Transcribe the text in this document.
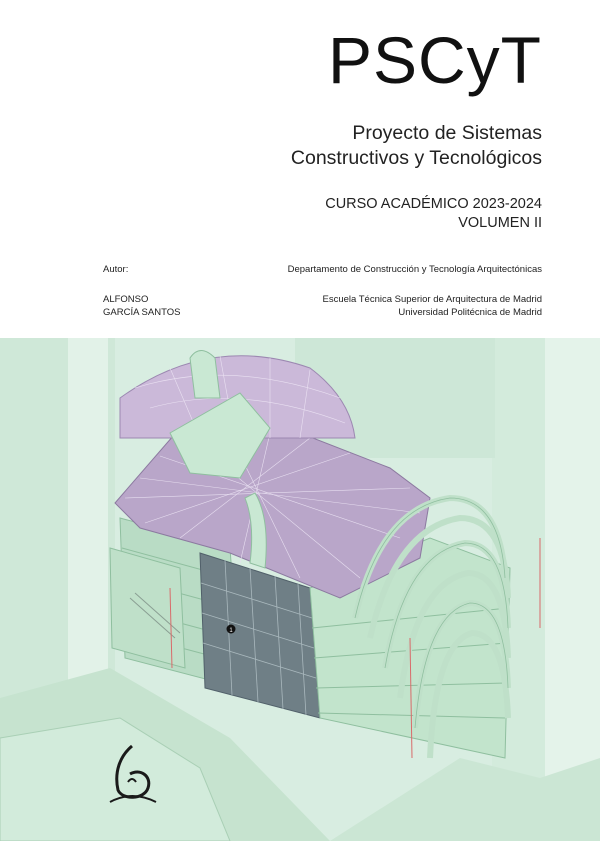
PSCyT
Proyecto de Sistemas
Constructivos y Tecnológicos
CURSO ACADÉMICO 2023-2024
VOLUMEN II
Autor:
ALFONSO
GARCÍA SANTOS
Departamento de Construcción y Tecnología Arquitectónicas
Escuela Técnica Superior de Arquitectura de Madrid
Universidad Politécnica de Madrid
1
